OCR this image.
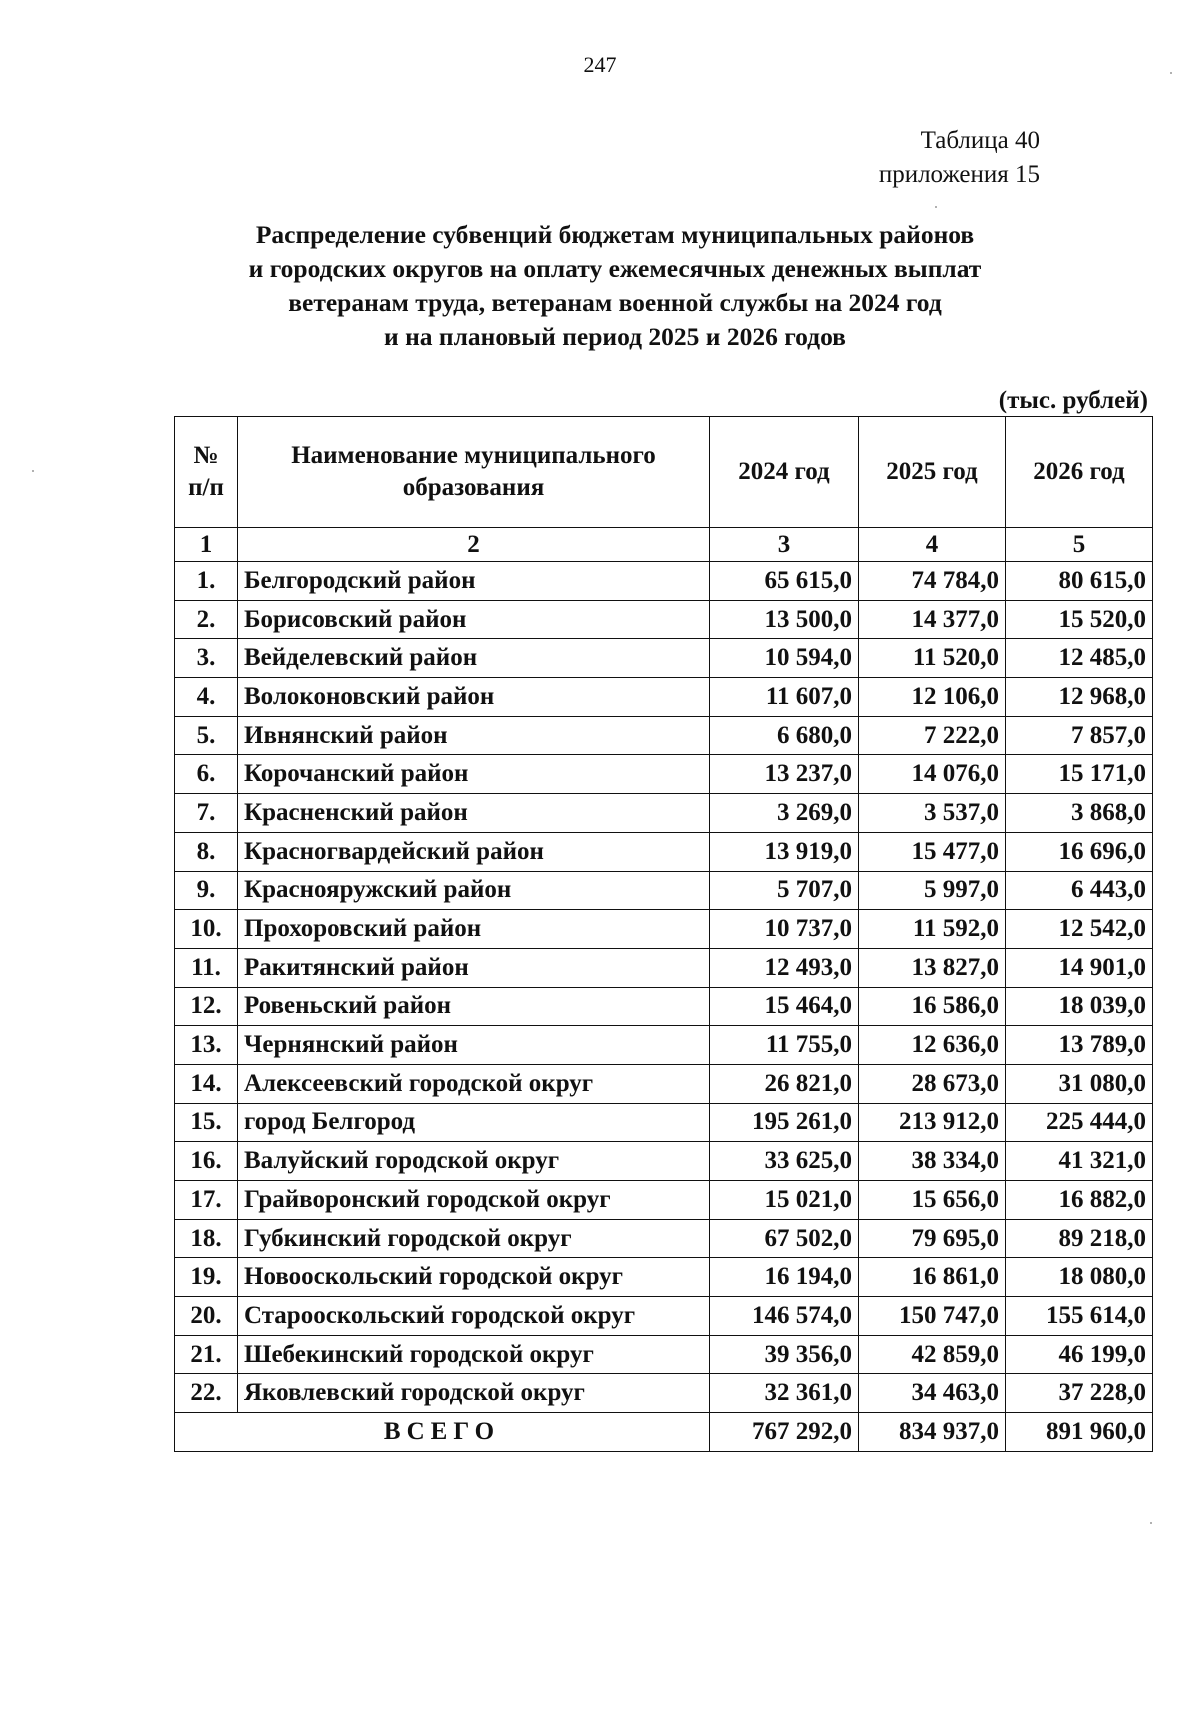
247
Таблица 40
приложения 15
Распределение субвенций бюджетам муниципальных районов
и городских округов на оплату ежемесячных денежных выплат
ветеранам труда, ветеранам военной службы на 2024 год
и на плановый период 2025 и 2026 годов
(тыс. рублей)
№ п/п	Наименование муниципального образования	2024 год	2025 год	2026 год
1	2	3	4	5
1.	Белгородский район	65 615,0	74 784,0	80 615,0
2.	Борисовский район	13 500,0	14 377,0	15 520,0
3.	Вейделевский район	10 594,0	11 520,0	12 485,0
4.	Волоконовский район	11 607,0	12 106,0	12 968,0
5.	Ивнянский район	6 680,0	7 222,0	7 857,0
6.	Корочанский район	13 237,0	14 076,0	15 171,0
7.	Красненский район	3 269,0	3 537,0	3 868,0
8.	Красногвардейский район	13 919,0	15 477,0	16 696,0
9.	Краснояружский район	5 707,0	5 997,0	6 443,0
10.	Прохоровский район	10 737,0	11 592,0	12 542,0
11.	Ракитянский район	12 493,0	13 827,0	14 901,0
12.	Ровеньский район	15 464,0	16 586,0	18 039,0
13.	Чернянский район	11 755,0	12 636,0	13 789,0
14.	Алексеевский городской округ	26 821,0	28 673,0	31 080,0
15.	город Белгород	195 261,0	213 912,0	225 444,0
16.	Валуйский городской округ	33 625,0	38 334,0	41 321,0
17.	Грайворонский городской округ	15 021,0	15 656,0	16 882,0
18.	Губкинский городской округ	67 502,0	79 695,0	89 218,0
19.	Новооскольский городской округ	16 194,0	16 861,0	18 080,0
20.	Старооскольский городской округ	146 574,0	150 747,0	155 614,0
21.	Шебекинский городской округ	39 356,0	42 859,0	46 199,0
22.	Яковлевский городской округ	32 361,0	34 463,0	37 228,0
ВСЕГО		767 292,0	834 937,0	891 960,0
